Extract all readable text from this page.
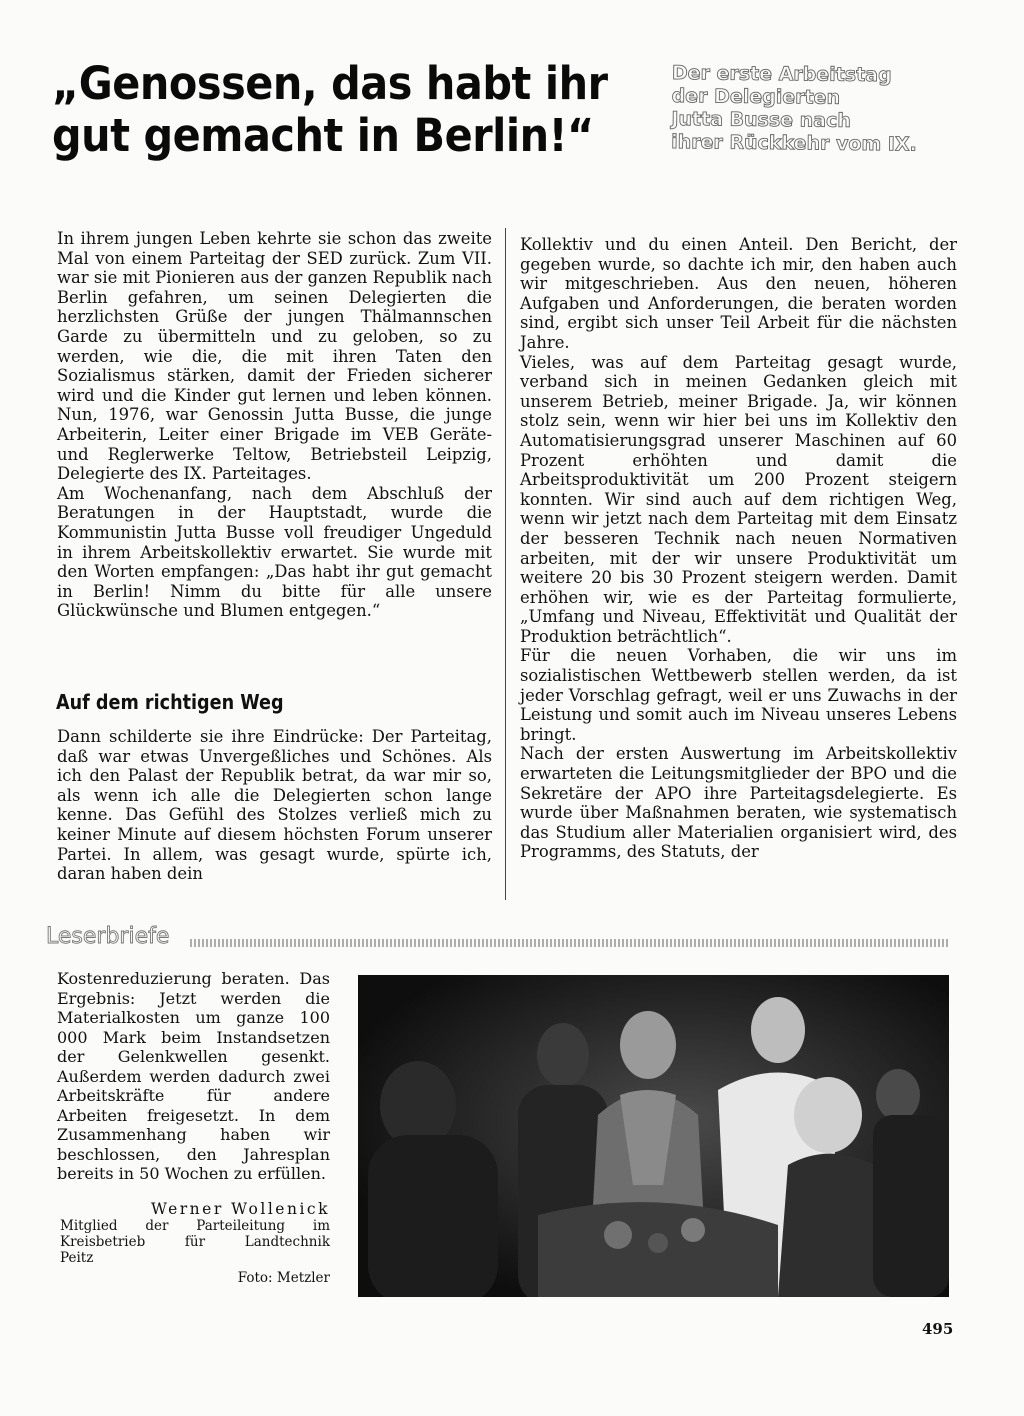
„Genossen, das habt ihr
gut gemacht in Berlin!“
Der erste Arbeitstag
der Delegierten
Jutta Busse nach
ihrer Rückkehr vom IX.

In ihrem jungen Leben kehrte sie schon das zweite Mal von einem Parteitag der SED zurück. Zum VII. war sie mit Pionieren aus der ganzen Republik nach Berlin gefahren, um seinen Delegierten die herzlichsten Grüße der jungen Thälmannschen Garde zu übermitteln und zu geloben, so zu werden, wie die, die mit ihren Taten den Sozialismus stärken, damit der Frieden sicherer wird und die Kinder gut lernen und leben können. Nun, 1976, war Genossin Jutta Busse, die junge Arbeiterin, Leiter einer Brigade im VEB Geräte- und Reglerwerke Teltow, Betriebsteil Leipzig, Delegierte des IX. Parteitages.

Am Wochenanfang, nach dem Abschluß der Beratungen in der Hauptstadt, wurde die Kommunistin Jutta Busse voll freudiger Ungeduld in ihrem Arbeitskollektiv erwartet. Sie wurde mit den Worten empfangen: „Das habt ihr gut gemacht in Berlin! Nimm du bitte für alle unsere Glückwünsche und Blumen entgegen.“

Auf dem richtigen Weg

Dann schilderte sie ihre Eindrücke: Der Parteitag, daß war etwas Unvergeßliches und Schönes. Als ich den Palast der Republik betrat, da war mir so, als wenn ich alle die Delegierten schon lange kenne. Das Gefühl des Stolzes verließ mich zu keiner Minute auf diesem höchsten Forum unserer Partei. In allem, was gesagt wurde, spürte ich, daran haben dein

Kollektiv und du einen Anteil. Den Bericht, der gegeben wurde, so dachte ich mir, den haben auch wir mitgeschrieben. Aus den neuen, höheren Aufgaben und Anforderungen, die beraten worden sind, ergibt sich unser Teil Arbeit für die nächsten Jahre.

Vieles, was auf dem Parteitag gesagt wurde, verband sich in meinen Gedanken gleich mit unserem Betrieb, meiner Brigade. Ja, wir können stolz sein, wenn wir hier bei uns im Kollektiv den Automatisierungsgrad unserer Maschinen auf 60 Prozent erhöhten und damit die Arbeitsproduktivität um 200 Prozent steigern konnten. Wir sind auch auf dem richtigen Weg, wenn wir jetzt nach dem Parteitag mit dem Einsatz der besseren Technik nach neuen Normativen arbeiten, mit der wir unsere Produktivität um weitere 20 bis 30 Prozent steigern werden. Damit erhöhen wir, wie es der Parteitag formulierte, „Umfang und Niveau, Effektivität und Qualität der Produktion beträchtlich“.

Für die neuen Vorhaben, die wir uns im sozialistischen Wettbewerb stellen werden, da ist jeder Vorschlag gefragt, weil er uns Zuwachs in der Leistung und somit auch im Niveau unseres Lebens bringt.

Nach der ersten Auswertung im Arbeitskollektiv erwarteten die Leitungsmitglieder der BPO und die Sekretäre der APO ihre Parteitagsdelegierte. Es wurde über Maßnahmen beraten, wie systematisch das Studium aller Materialien organisiert wird, des Programms, des Statuts, der

Leserbriefe

Kostenreduzierung beraten. Das Ergebnis: Jetzt werden die Materialkosten um ganze 100 000 Mark beim Instandsetzen der Gelenkwellen gesenkt. Außerdem werden dadurch zwei Arbeitskräfte für andere Arbeiten freigesetzt. In dem Zusammenhang haben wir beschlossen, den Jahresplan bereits in 50 Wochen zu erfüllen.

Werner Wollenick
Mitglied der Parteileitung im
Kreisbetrieb für Landtechnik
Peitz
Foto: Metzler
495
